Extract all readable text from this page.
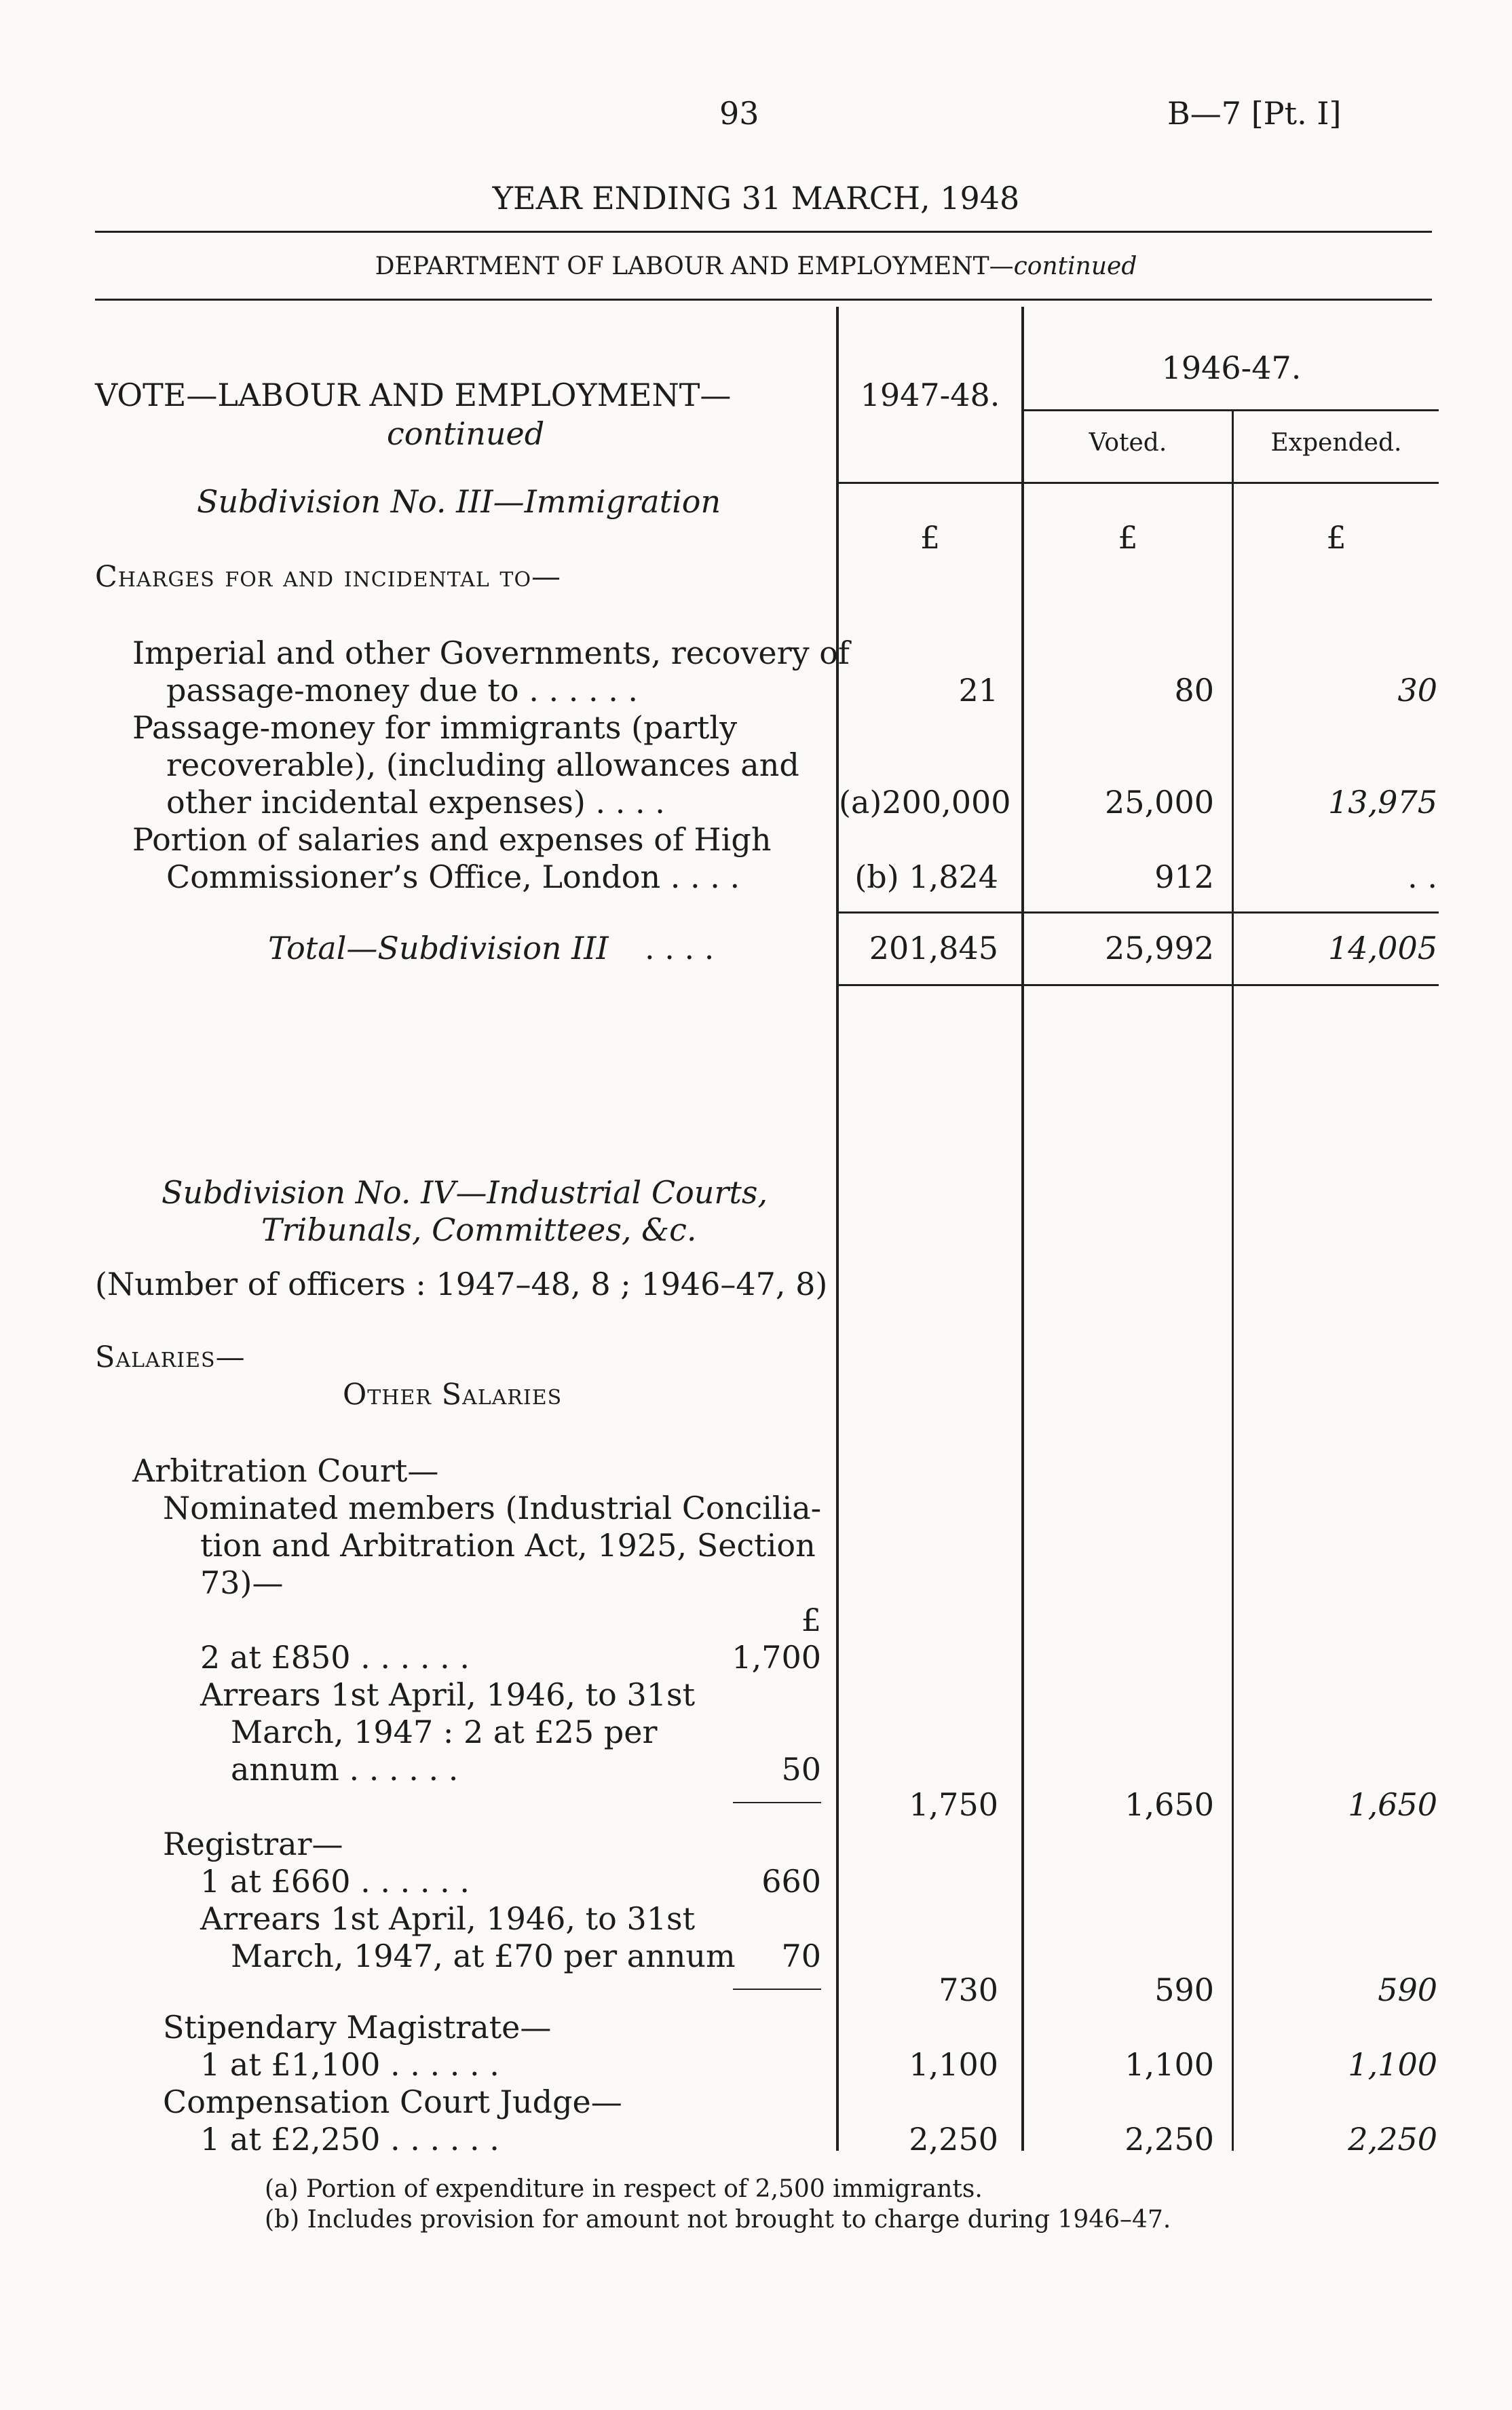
93	B—7 [Pt. I]
YEAR ENDING 31 MARCH, 1948
DEPARTMENT OF LABOUR AND EMPLOYMENT—continued
VOTE—LABOUR AND EMPLOYMENT—
continued
1947-48.
1946-47.
Voted.	Expended.
£	£	£
Subdivision No. III—Immigration
Charges for and incidental to—
Imperial and other Governments, recovery of
passage-money due to . . . . . .	21	80	30
Passage-money for immigrants (partly
recoverable), (including allowances and
other incidental expenses) . . . .	(a)200,000	25,000	13,975
Portion of salaries and expenses of High
Commissioner’s Office, London . . . .	(b) 1,824	912	. .
Total—Subdivision III . . . .	201,845	25,992	14,005
Subdivision No. IV—Industrial Courts,
Tribunals, Committees, &c.
(Number of officers : 1947–48, 8 ; 1946–47, 8)
Salaries—
Other Salaries
Arbitration Court—
Nominated members (Industrial Concilia-
tion and Arbitration Act, 1925, Section
73)—
£
2 at £850 . . . . . .	1,700
Arrears 1st April, 1946, to 31st
March, 1947 : 2 at £25 per
annum . . . . . .	50
1,750	1,650	1,650
Registrar—
1 at £660 . . . . . .	660
Arrears 1st April, 1946, to 31st
March, 1947, at £70 per annum	70
730	590	590
Stipendary Magistrate—
1 at £1,100 . . . . . .	1,100	1,100	1,100
Compensation Court Judge—
1 at £2,250 . . . . . .	2,250	2,250	2,250
(a) Portion of expenditure in respect of 2,500 immigrants.
(b) Includes provision for amount not brought to charge during 1946–47.
